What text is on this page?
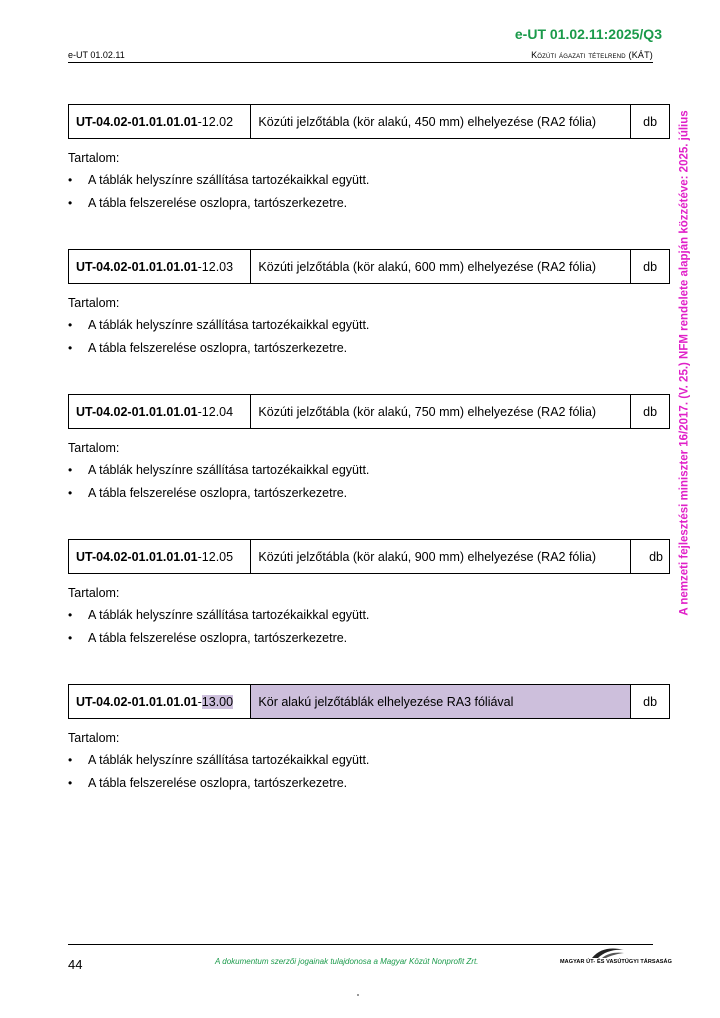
e-UT 01.02.11:2025/Q3
e-UT 01.02.11	Közúti ágazati tételrend (KÁT)
A nemzeti fejlesztési miniszter 16/2017. (V. 25.) NFM rendelete alapján közzétéve: 2025. július
UT-04.02-01.01.01.01 -12.02	Közúti jelzőtábla (kör alakú, 450 mm) elhelyezése (RA2 fólia)	db
Tartalom:
• A táblák helyszínre szállítása tartozékaikkal együtt.
• A tábla felszerelése oszlopra, tartószerkezetre.
UT-04.02-01.01.01.01 -12.03	Közúti jelzőtábla (kör alakú, 600 mm) elhelyezése (RA2 fólia)	db
Tartalom:
• A táblák helyszínre szállítása tartozékaikkal együtt.
• A tábla felszerelése oszlopra, tartószerkezetre.
UT-04.02-01.01.01.01 -12.04	Közúti jelzőtábla (kör alakú, 750 mm) elhelyezése (RA2 fólia)	db
Tartalom:
• A táblák helyszínre szállítása tartozékaikkal együtt.
• A tábla felszerelése oszlopra, tartószerkezetre.
UT-04.02-01.01.01.01 -12.05	Közúti jelzőtábla (kör alakú, 900 mm) elhelyezése (RA2 fólia)	db
Tartalom:
• A táblák helyszínre szállítása tartozékaikkal együtt.
• A tábla felszerelése oszlopra, tartószerkezetre.
UT-04.02-01.01.01.01 - 13.00	Kör alakú jelzőtáblák elhelyezése RA3 fóliával	db
Tartalom:
• A táblák helyszínre szállítása tartozékaikkal együtt.
• A tábla felszerelése oszlopra, tartószerkezetre.
44	A dokumentum szerzői jogainak tulajdonosa a Magyar Közút Nonprofit Zrt.	MAGYAR ÚT- ÉS VASÚTÜGYI TÁRSASÁG
